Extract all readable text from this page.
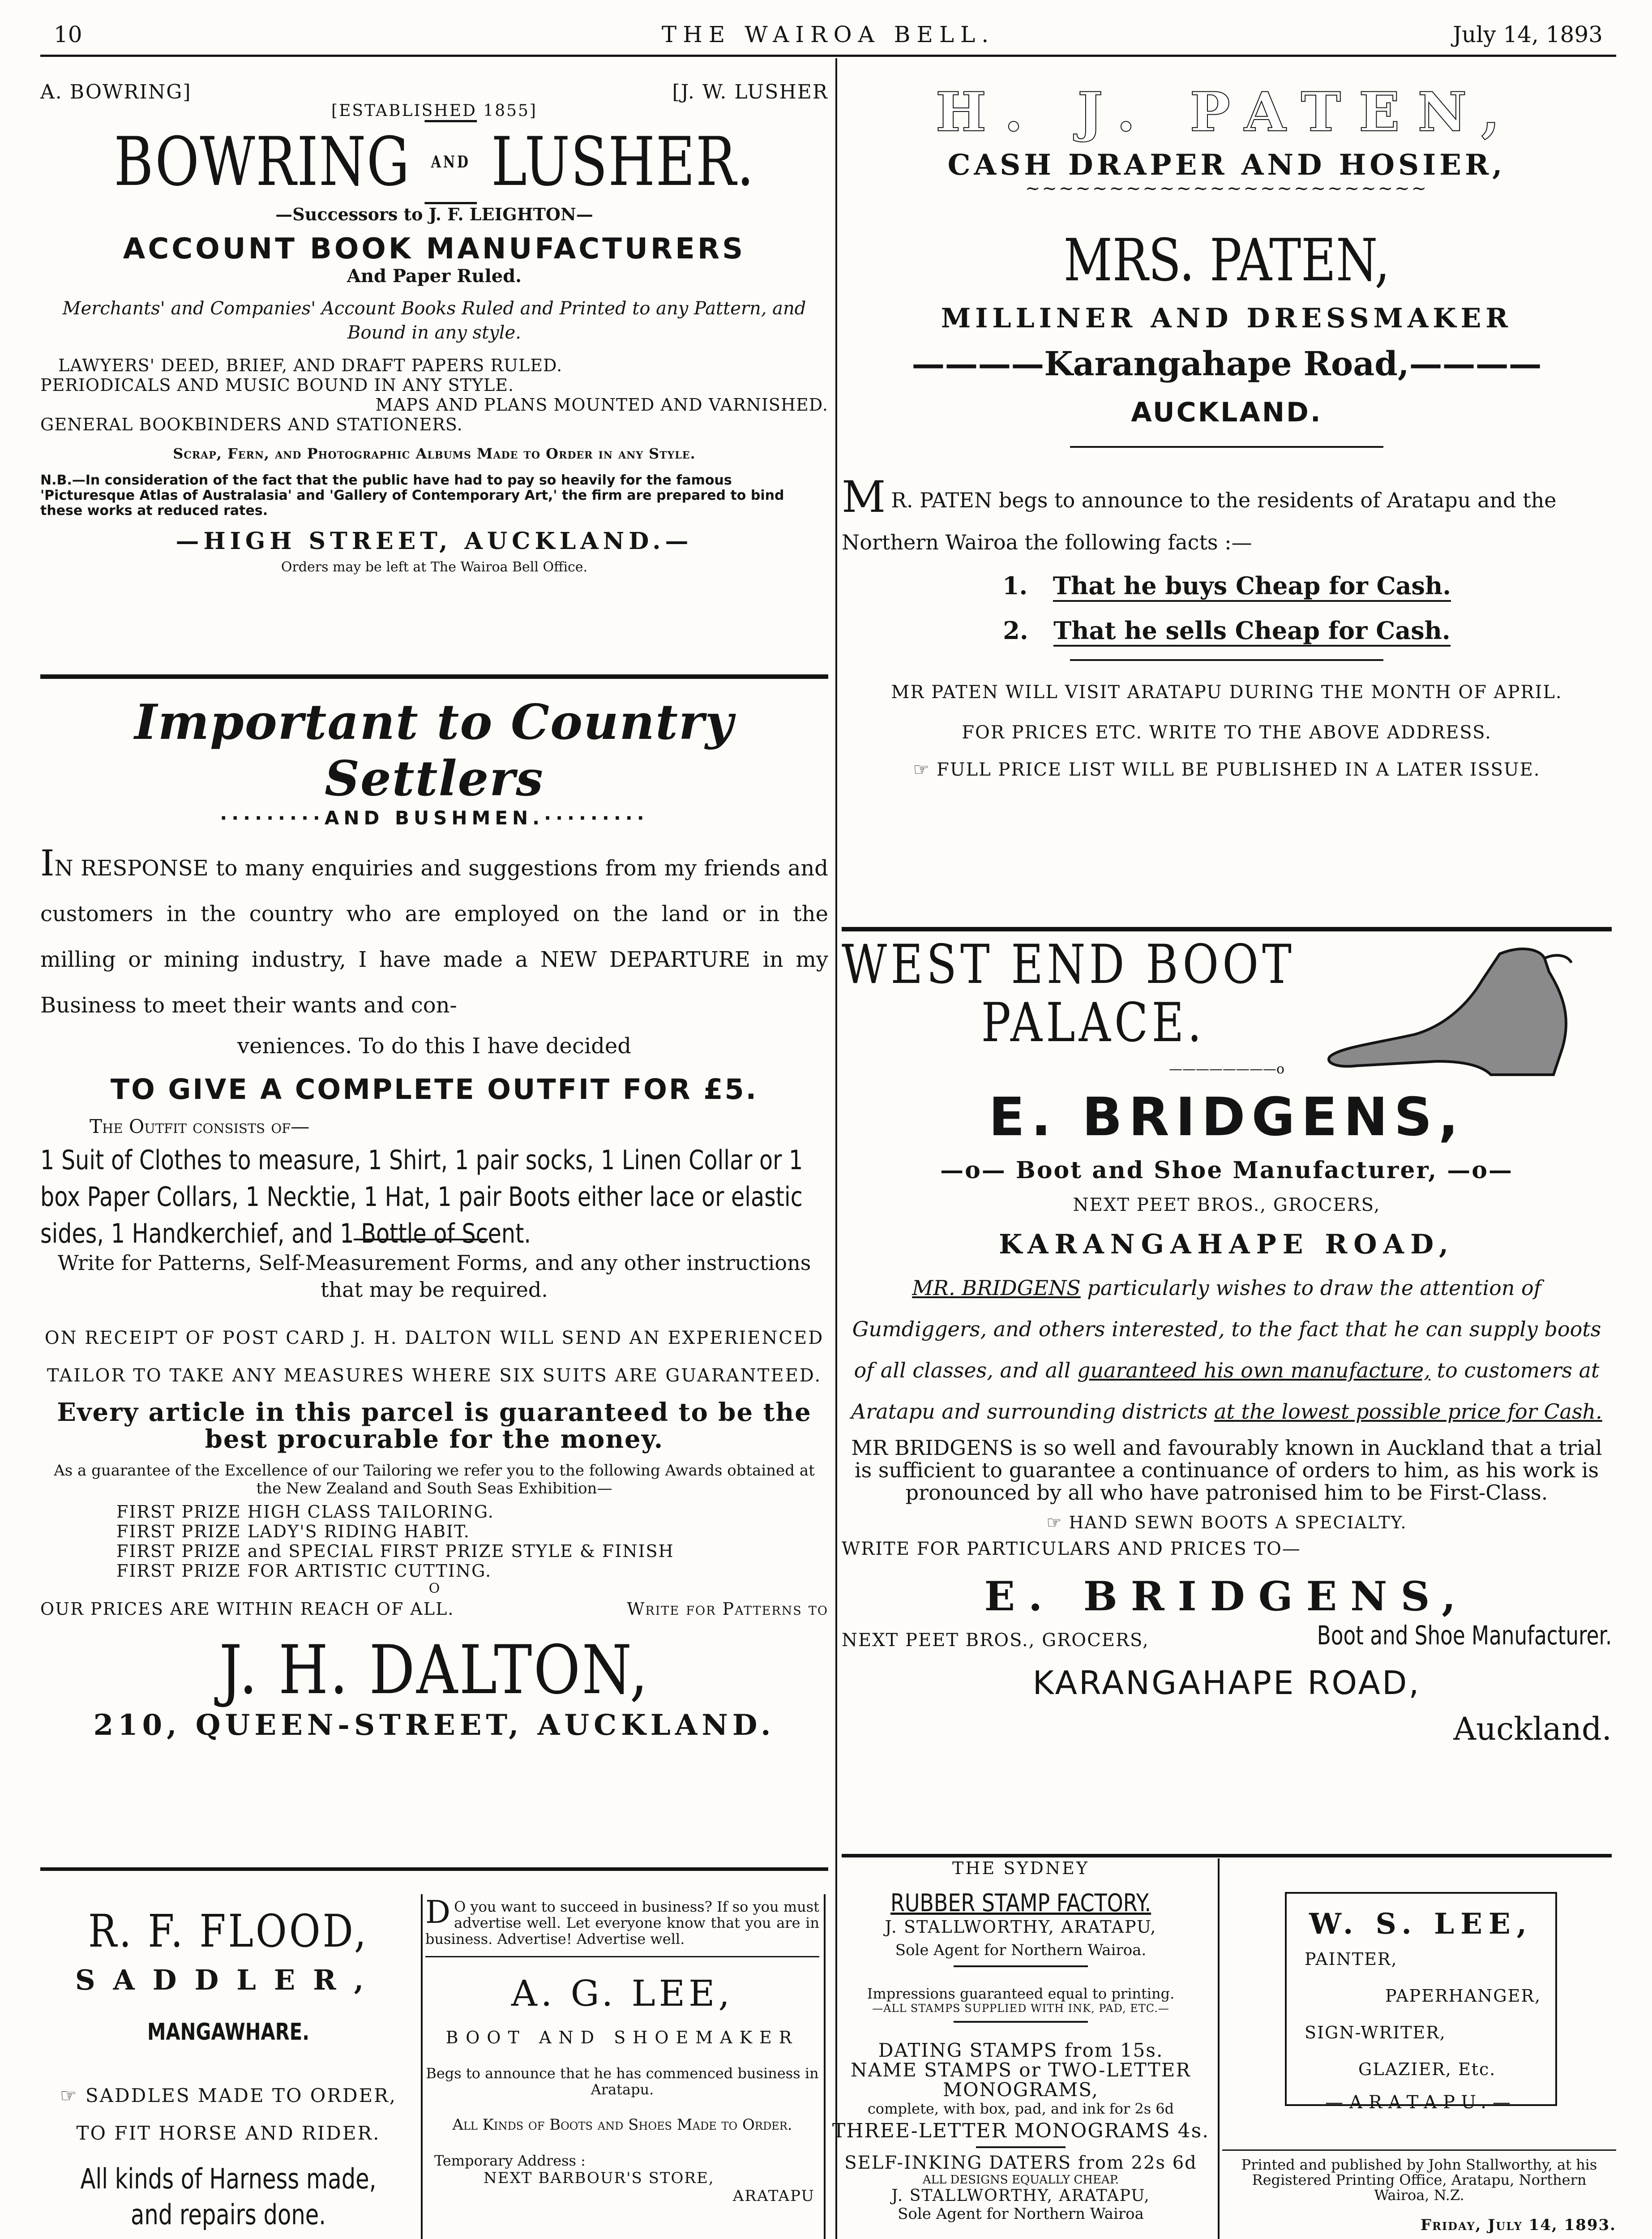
10	THE WAIROA BELL.	July 14, 1893
A. BOWRING]	[J. W. LUSHER
[ESTABLISHED 1855]
BOWRING	AND LUSHER.
—Successors to J. F. LEIGHTON—
ACCOUNT BOOK MANUFACTURERS
And Paper Ruled.
Merchants' and Companies' Account Books Ruled and Printed to any Pattern, and Bound in any style.
LAWYERS' DEED, BRIEF, AND DRAFT PAPERS RULED.
PERIODICALS AND MUSIC BOUND IN ANY STYLE.
MAPS AND PLANS MOUNTED AND VARNISHED.
GENERAL BOOKBINDERS AND STATIONERS.
Scrap, Fern, and Photographic Albums Made to Order in any Style.
N.B.—In consideration of the fact that the public have had to pay so heavily for the famous 'Picturesque Atlas of Australasia' and 'Gallery of Contemporary Art,' the firm are prepared to bind these works at reduced rates.
—HIGH STREET, AUCKLAND.—
Orders may be left at The Wairoa Bell Office.
Important to Country Settlers
·········AND BUSHMEN.·········
IN RESPONSE to many enquiries and suggestions from my friends and customers in the country who are employed on the land or in the milling or mining industry, I have made a NEW DEPARTURE in my Business to meet their wants and con-
veniences. To do this I have decided
TO GIVE A COMPLETE OUTFIT FOR £5.
The Outfit consists of—
1 Suit of Clothes to measure, 1 Shirt, 1 pair socks, 1 Linen Collar or 1 box Paper Collars, 1 Necktie, 1 Hat, 1 pair Boots either lace or elastic sides, 1 Handkerchief, and 1 Bottle of Scent.
Write for Patterns, Self-Measurement Forms, and any other instructions that may be required.
ON RECEIPT OF POST CARD J. H. DALTON WILL SEND AN EXPERIENCED TAILOR TO TAKE ANY MEASURES WHERE SIX SUITS ARE GUARANTEED.
Every article in this parcel is guaranteed to be the best procurable for the money.
As a guarantee of the Excellence of our Tailoring we refer you to the following Awards obtained at the New Zealand and South Seas Exhibition—
FIRST PRIZE HIGH CLASS TAILORING.
FIRST PRIZE LADY'S RIDING HABIT.
FIRST PRIZE and SPECIAL FIRST PRIZE STYLE & FINISH
FIRST PRIZE FOR ARTISTIC CUTTING.
O
OUR PRICES ARE WITHIN REACH OF ALL.	Write for Patterns to
J. H. DALTON,
210, QUEEN-STREET, AUCKLAND.
H. J. PATEN,
CASH DRAPER AND HOSIER,
~~~~~~~~~~~~~~~~~~~~~~~~
MRS. PATEN,
MILLINER AND DRESSMAKER
————Karangahape Road,————
AUCKLAND.
M R. PATEN begs to announce to the residents of Aratapu and the Northern Wairoa the following facts :—
1. That he buys Cheap for Cash.
2. That he sells Cheap for Cash.
MR PATEN WILL VISIT ARATAPU DURING THE MONTH OF APRIL.
FOR PRICES ETC. WRITE TO THE ABOVE ADDRESS.
☞ FULL PRICE LIST WILL BE PUBLISHED IN A LATER ISSUE.
WEST END BOOT
PALACE.
————————o
E. BRIDGENS,
—o— Boot and Shoe Manufacturer, —o—
NEXT PEET BROS., GROCERS,
KARANGAHAPE ROAD,
MR. BRIDGENS particularly wishes to draw the attention of Gumdiggers, and others interested, to the fact that he can supply boots of all classes, and all guaranteed his own manufacture, to customers at Aratapu and surrounding districts at the lowest possible price for Cash.
MR BRIDGENS is so well and favourably known in Auckland that a trial is sufficient to guarantee a continuance of orders to him, as his work is pronounced by all who have patronised him to be First-Class.
☞ HAND SEWN BOOTS A SPECIALTY.
WRITE FOR PARTICULARS AND PRICES TO—
E. BRIDGENS,
NEXT PEET BROS., GROCERS,	Boot and Shoe Manufacturer.
KARANGAHAPE ROAD,
Auckland.
R. F. FLOOD,
SADDLER,
MANGAWHARE.
☞ SADDLES MADE TO ORDER,
TO FIT HORSE AND RIDER.
All kinds of Harness made, and repairs done.
D O you want to succeed in business? If so you must advertise well. Let everyone know that you are in business. Advertise! Advertise well.
A. G. LEE,
BOOT AND SHOEMAKER
Begs to announce that he has commenced business in Aratapu.
All Kinds of Boots and Shoes Made to Order.
Temporary Address :
NEXT BARBOUR'S STORE,
ARATAPU
THE SYDNEY
RUBBER STAMP FACTORY.
J. STALLWORTHY, ARATAPU,
Sole Agent for Northern Wairoa.
Impressions guaranteed equal to printing.
—ALL STAMPS SUPPLIED WITH INK, PAD, ETC.—
DATING STAMPS from 15s.
NAME STAMPS or TWO-LETTER MONOGRAMS,
complete, with box, pad, and ink for 2s 6d
THREE-LETTER MONOGRAMS 4s.
SELF-INKING DATERS from 22s 6d
ALL DESIGNS EQUALLY CHEAP.
J. STALLWORTHY, ARATAPU,
Sole Agent for Northern Wairoa
W. S. LEE,
PAINTER,
PAPERHANGER,
SIGN-WRITER,
GLAZIER, Etc.
—ARATAPU.—
Printed and published by John Stallworthy, at his Registered Printing Office, Aratapu, Northern Wairoa, N.Z.
Friday, July 14, 1893.
